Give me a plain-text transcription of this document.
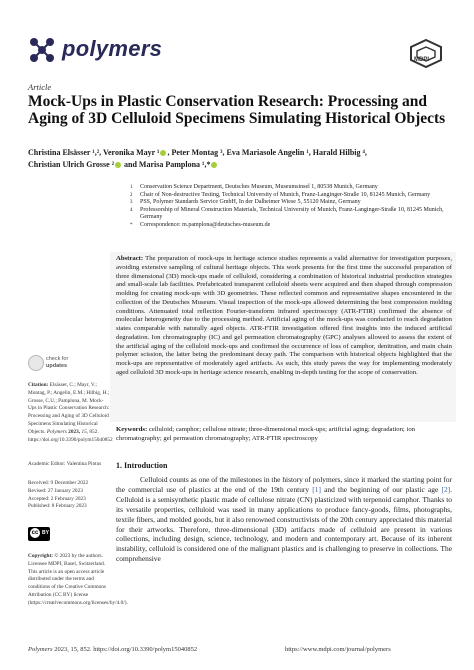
polymers	MDPI
Article
Mock-Ups in Plastic Conservation Research: Processing and Aging of 3D Celluloid Specimens Simulating Historical Objects
Christina Elsässer ¹,², Veronika Mayr ¹ , Peter Montag ³, Eva Mariasole Angelin ¹, Harald Hilbig ⁴,
Christian Ulrich Grosse ² and Marisa Pamplona ¹,*
1	Conservation Science Department, Deutsches Museum, Museumsinsel 1, 80538 Munich, Germany
2	Chair of Non-destructive Testing, Technical University of Munich, Franz-Langinger-Straße 10, 81245 Munich, Germany
3	PSS, Polymer Standards Service GmbH, In der Dalheimer Wiese 5, 55120 Mainz, Germany
4	Professorship of Mineral Construction Materials, Technical University of Munich, Franz-Langinger-Straße 10, 81245 Munich, Germany
*	Correspondence: m.pamplona@deutsches-museum.de
Abstract: The preparation of mock-ups in heritage science studies represents a valid alternative for investigation purposes, avoiding extensive sampling of cultural heritage objects. This work presents for the first time the successful preparation of three dimensional (3D) mock-ups made of celluloid, considering a combination of historical industrial production strategies and small-scale lab facilities. Prefabricated transparent celluloid sheets were acquired and then shaped through compression molding for creating mock-ups with 3D geometries. These reflected common and representative shapes encountered in the collection of the Deutsches Museum. Visual inspection of the mock-ups allowed determining the best compression molding conditions. Attenuated total reflection Fourier-transform infrared spectroscopy (ATR-FTIR) confirmed the absence of molecular heterogeneity due to the processing method. Artificial aging of the mock-ups was conducted to reach degradation states comparable with naturally aged objects. ATR-FTIR investigation offered first insights into the induced artificial degradation. Ion chromatography (IC) and gel permeation chromatography (GPC) analyses allowed to assess the extent of the artificial aging of the celluloid mock-ups and confirmed the occurrence of loss of camphor, denitration, and main chain polymer scission, the latter being the predominant decay path. The comparison with historical objects highlighted that the mock-ups are representative of moderately aged artifacts. As such, this study paves the way for implementing moderately aged celluloid 3D mock-ups in heritage science research, enabling in-depth testing for the scope of conservation.
Keywords: celluloid; camphor; cellulose nitrate; three-dimensional mock-ups; artificial aging; degradation; ion chromatography; gel permeation chromatography; ATR-FTIR spectroscopy
1. Introduction
Celluloid counts as one of the milestones in the history of polymers, since it marked the starting point for the commercial use of plastics at the end of the 19th century [1] and the beginning of our plastic age [2]. Celluloid is a semisynthetic plastic made of cellulose nitrate (CN) plasticized with terpenoid camphor. Thanks to its versatile properties, celluloid was used in many applications to produce fancy-goods, films, photographs, textile fibers, and molded goods, but it also renowned constructivists of the 20th century appreciated this material for their artworks. Therefore, three-dimensional (3D) artifacts made of celluloid are present in various collections, including design, science, technology, and modern and contemporary art. Because of its inherent instability, celluloid is considered one of the malignant plastics and is challenging to preserve in collections. The comprehensive
check for
updates
Citation: Elsässer, C.; Mayr, V.; Montag, P.; Angelin, E.M.; Hilbig, H.; Grosse, C.U.; Pamplona, M. Mock-Ups in Plastic Conservation Research: Processing and Aging of 3D Celluloid Specimens Simulating Historical Objects. Polymers 2023, 15, 852. https://doi.org/10.3390/polym15040852
Academic Editor: Valentina Pintus
Received: 9 December 2022
Revised: 27 January 2023
Accepted: 2 February 2023
Published: 8 February 2023
cc BY
Copyright: © 2023 by the authors. Licensee MDPI, Basel, Switzerland. This article is an open access article distributed under the terms and conditions of the Creative Commons Attribution (CC BY) license (https://creativecommons.org/licenses/by/4.0/).
Polymers 2023, 15, 852. https://doi.org/10.3390/polym15040852	https://www.mdpi.com/journal/polymers
